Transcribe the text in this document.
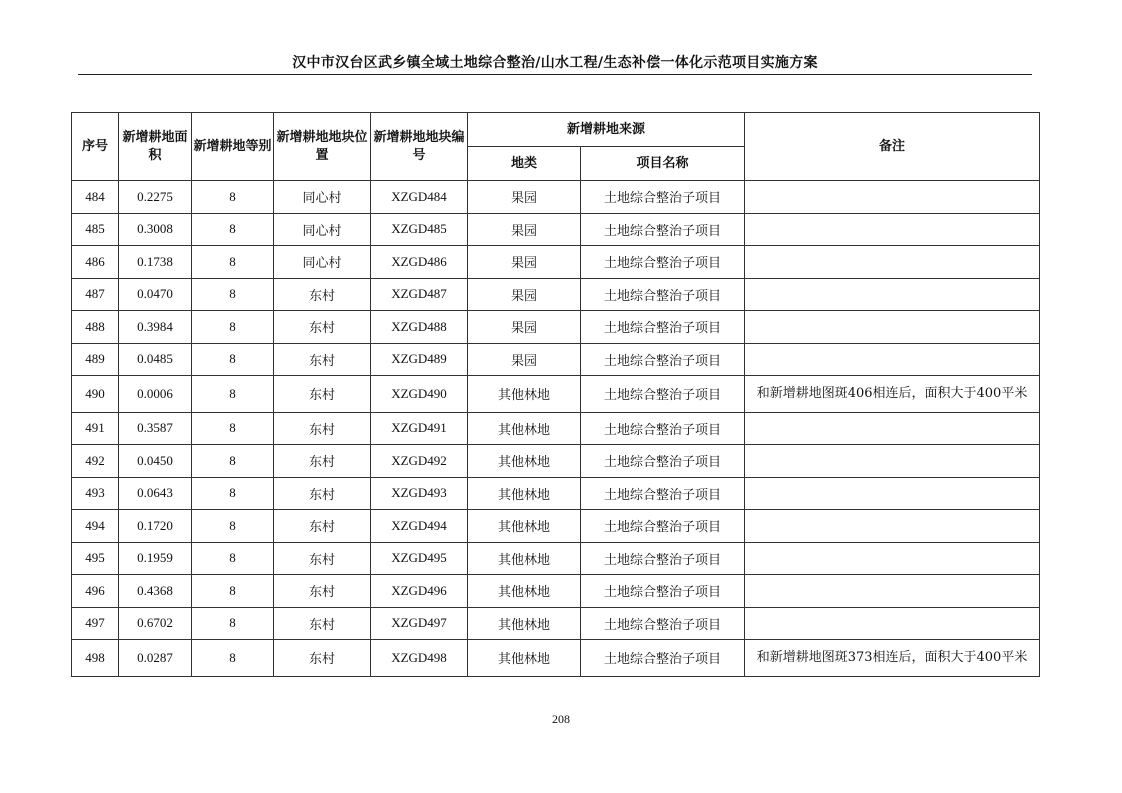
汉中市汉台区武乡镇全域土地综合整治/山水工程/生态补偿一体化示范项目实施方案
序号	新增耕地面积	新增耕地等别	新增耕地地块位置	新增耕地地块编号	新增耕地来源		备注
					地类	项目名称	
484	0.2275	8	同心村	XZGD484	果园	土地综合整治子项目	
485	0.3008	8	同心村	XZGD485	果园	土地综合整治子项目	
486	0.1738	8	同心村	XZGD486	果园	土地综合整治子项目	
487	0.0470	8	东村	XZGD487	果园	土地综合整治子项目	
488	0.3984	8	东村	XZGD488	果园	土地综合整治子项目	
489	0.0485	8	东村	XZGD489	果园	土地综合整治子项目	
490	0.0006	8	东村	XZGD490	其他林地	土地综合整治子项目	和新增耕地图斑406相连后，面积大于400平米
491	0.3587	8	东村	XZGD491	其他林地	土地综合整治子项目	
492	0.0450	8	东村	XZGD492	其他林地	土地综合整治子项目	
493	0.0643	8	东村	XZGD493	其他林地	土地综合整治子项目	
494	0.1720	8	东村	XZGD494	其他林地	土地综合整治子项目	
495	0.1959	8	东村	XZGD495	其他林地	土地综合整治子项目	
496	0.4368	8	东村	XZGD496	其他林地	土地综合整治子项目	
497	0.6702	8	东村	XZGD497	其他林地	土地综合整治子项目	
498	0.0287	8	东村	XZGD498	其他林地	土地综合整治子项目	和新增耕地图斑373相连后，面积大于400平米
208
